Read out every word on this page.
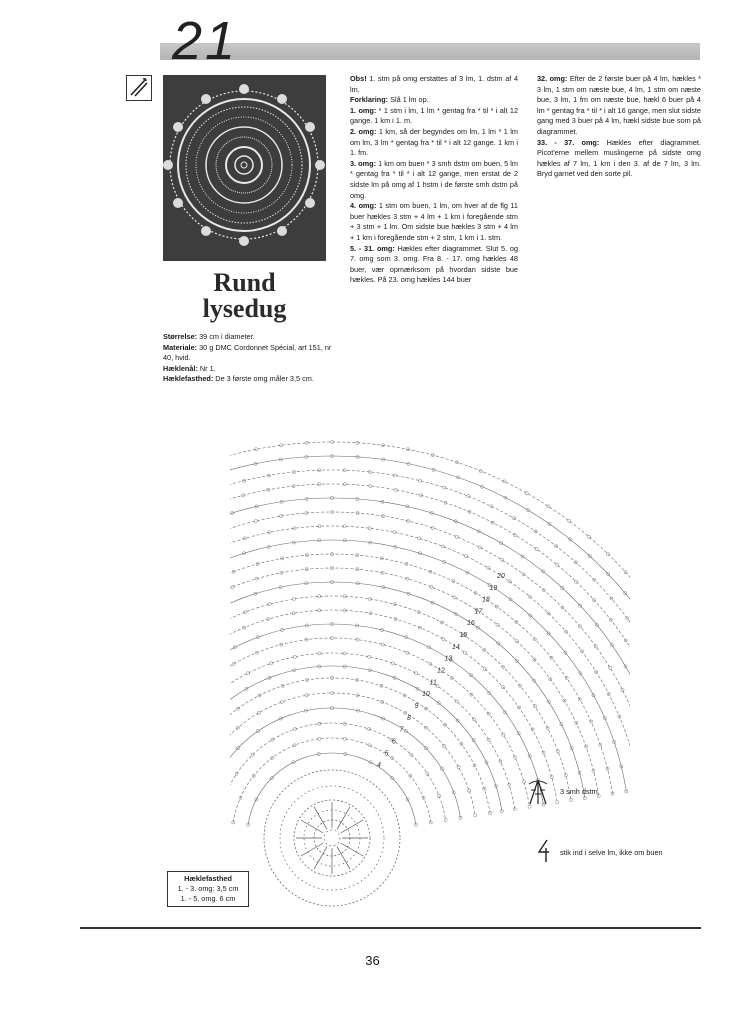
21
Rund
lysedug
Størrelse: 39 cm i diameter.
Materiale: 30 g DMC Cordonnet Spécial, art 151, nr 40, hvid.
Hæklenål: Nr 1.
Hæklefasthed: De 3 første omg måler 3,5 cm.

Obs! 1. stm på omg erstattes af 3 lm, 1. dstm af 4 lm.

Forklaring: Slå 1 lm op.

1. omg: * 1 stm i lm, 1 lm * gentag fra * til * i alt 12 gange. 1 km i 1. m.

2. omg: 1 km, så der begyndes om lm, 1 lm * 1 lm om lm, 3 lm * gentag fra * til * i alt 12 gange. 1 km i 1. fm.

3. omg: 1 km om buen * 3 smh dstm om buen, 5 lm * gentag fra * til * i alt 12 gange, men erstat de 2 sidste lm på omg af 1 hstm i de første smh dstm på omg.

4. omg: 1 stm om buen, 1 lm, om hver af de flg 11 buer hækles 3 stm + 4 lm + 1 km i foregående stm + 3 stm + 1 lm. Om sidste bue hækles 3 stm + 4 lm + 1 km i foregående stm + 2 stm, 1 km i 1. stm.

5. - 31. omg: Hækles efter diagrammet. Slut 5. og 7. omg som 3. omg. Fra 8. - 17. omg hækles 48 buer, vær opmærksom på hvordan sidste bue hækles. På 23. omg hækles 144 buer

32. omg: Efter de 2 første buer på 4 lm, hækles * 3 lm, 1 stm om næste bue, 4 lm, 1 stm om næste bue, 3 lm, 1 fm om næste bue, hækl 6 buer på 4 lm * gentag fra * til * i alt 16 gange, men slut sidste gang med 3 buer på 4 lm, hækl sidste bue som på diagrammet.

33. - 37. omg: Hækles efter diagrammet. Picot'erne mellem muslingerne på sidste omg hækles af 7 lm, 1 km i den 3. af de 7 lm, 3 lm. Bryd garnet ved den sorte pil.

4
5
6
7
8
9
10
11
12
13
14
15
16
17
18
19
20
3 smh dstm
stik ind i selve lm, ikke om buen
Hæklefasthed
1. - 3. omg: 3,5 cm
1. - 5. omg. 6 cm
36
